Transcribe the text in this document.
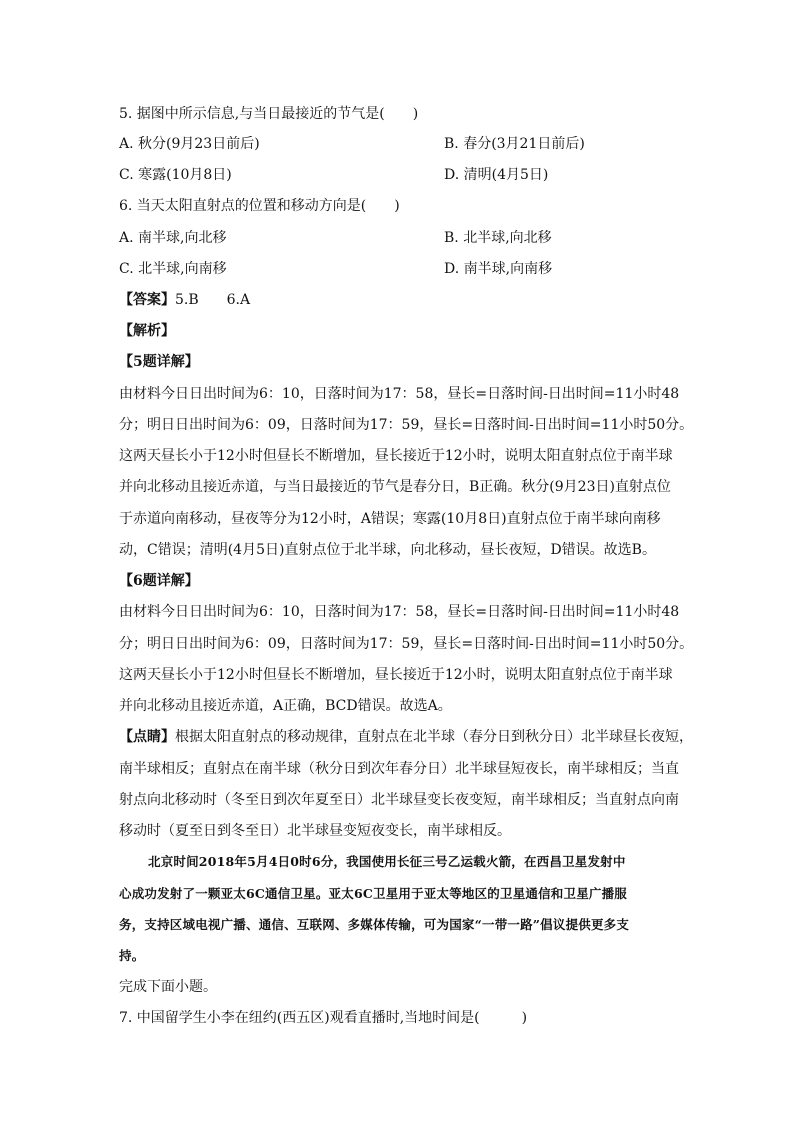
5. 据图中所示信息,与当日最接近的节气是(　　)
A. 秋分(9月23日前后)	B. 春分(3月21日前后)
C. 寒露(10月8日)	D. 清明(4月5日)
6. 当天太阳直射点的位置和移动方向是(　　)
A. 南半球,向北移	B. 北半球,向北移
C. 北半球,向南移	D. 南半球,向南移
【答案】5.B　　6.A
【解析】
【5题详解】
由材料今日日出时间为6：10，日落时间为17：58，昼长=日落时间-日出时间=11小时48
分；明日日出时间为6：09，日落时间为17：59，昼长=日落时间-日出时间=11小时50分。
这两天昼长小于12小时但昼长不断增加，昼长接近于12小时，说明太阳直射点位于南半球
并向北移动且接近赤道，与当日最接近的节气是春分日，B正确。秋分(9月23日)直射点位
于赤道向南移动，昼夜等分为12小时，A错误；寒露(10月8日)直射点位于南半球向南移
动，C错误；清明(4月5日)直射点位于北半球，向北移动，昼长夜短，D错误。故选B。
【6题详解】
由材料今日日出时间为6：10，日落时间为17：58，昼长=日落时间-日出时间=11小时48
分；明日日出时间为6：09，日落时间为17：59，昼长=日落时间-日出时间=11小时50分。
这两天昼长小于12小时但昼长不断增加，昼长接近于12小时，说明太阳直射点位于南半球
并向北移动且接近赤道，A正确，BCD错误。故选A。
【点睛】根据太阳直射点的移动规律，直射点在北半球（春分日到秋分日）北半球昼长夜短，
南半球相反；直射点在南半球（秋分日到次年春分日）北半球昼短夜长，南半球相反；当直
射点向北移动时（冬至日到次年夏至日）北半球昼变长夜变短，南半球相反；当直射点向南
移动时（夏至日到冬至日）北半球昼变短夜变长，南半球相反。
北京时间2018年5月4日0时6分，我国使用长征三号乙运载火箭，在西昌卫星发射中
心成功发射了一颗亚太6C通信卫星。亚太6C卫星用于亚太等地区的卫星通信和卫星广播服
务，支持区域电视广播、通信、互联网、多媒体传输，可为国家“一带一路”倡议提供更多支
持。
完成下面小题。
7. 中国留学生小李在纽约(西五区)观看直播时,当地时间是(　　　)
